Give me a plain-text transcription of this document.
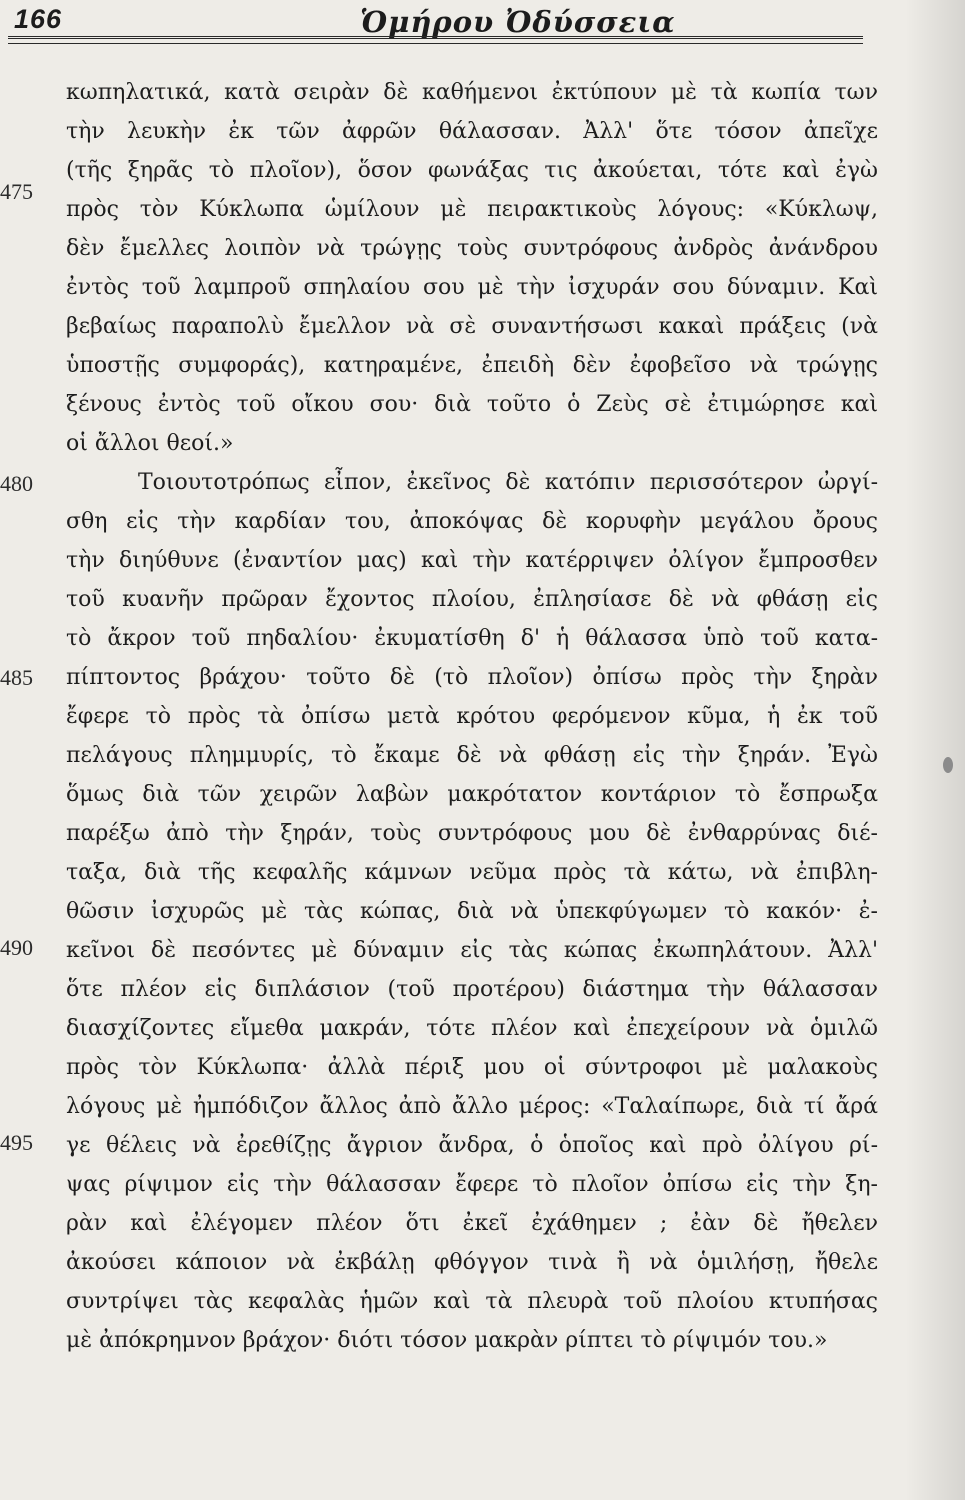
166	Ὁμήρου Ὀδύσσεια
475
480
485
490
495
κωπηλατικά, κατὰ σειρὰν δὲ καθήμενοι ἐκτύπουν μὲ τὰ κωπία των
τὴν λευκὴν ἐκ τῶν ἀφρῶν θάλασσαν. Ἀλλ' ὅτε τόσον ἀπεῖχε
(τῆς ξηρᾶς τὸ πλοῖον), ὅσον φωνάξας τις ἀκούεται, τότε καὶ ἐγὼ
πρὸς τὸν Κύκλωπα ὡμίλουν μὲ πειρακτικοὺς λόγους: «Κύκλωψ,
δὲν ἔμελλες λοιπὸν νὰ τρώγῃς τοὺς συντρόφους ἀνδρὸς ἀνάνδρου
ἐντὸς τοῦ λαμπροῦ σπηλαίου σου μὲ τὴν ἰσχυράν σου δύναμιν. Καὶ
βεβαίως παραπολὺ ἔμελλον νὰ σὲ συναντήσωσι κακαὶ πράξεις (νὰ
ὑποστῇς συμφοράς), κατηραμένε, ἐπειδὴ δὲν ἐφοβεῖσο νὰ τρώγῃς
ξένους ἐντὸς τοῦ οἴκου σου· διὰ τοῦτο ὁ Ζεὺς σὲ ἐτιμώρησε καὶ
οἱ ἄλλοι θεοί.»
Τοιουτοτρόπως εἶπον, ἐκεῖνος δὲ κατόπιν περισσότερον ὠργί-
σθη εἰς τὴν καρδίαν του, ἀποκόψας δὲ κορυφὴν μεγάλου ὄρους
τὴν διηύθυνε (ἐναντίον μας) καὶ τὴν κατέρριψεν ὀλίγον ἔμπροσθεν
τοῦ κυανῆν πρῶραν ἔχοντος πλοίου, ἐπλησίασε δὲ νὰ φθάσῃ εἰς
τὸ ἄκρον τοῦ πηδαλίου· ἐκυματίσθη δ' ἡ θάλασσα ὑπὸ τοῦ κατα-
πίπτοντος βράχου· τοῦτο δὲ (τὸ πλοῖον) ὀπίσω πρὸς τὴν ξηρὰν
ἔφερε τὸ πρὸς τὰ ὀπίσω μετὰ κρότου φερόμενον κῦμα, ἡ ἐκ τοῦ
πελάγους πλημμυρίς, τὸ ἔκαμε δὲ νὰ φθάσῃ εἰς τὴν ξηράν. Ἐγὼ
ὅμως διὰ τῶν χειρῶν λαβὼν μακρότατον κοντάριον τὸ ἔσπρωξα
παρέξω ἀπὸ τὴν ξηράν, τοὺς συντρόφους μου δὲ ἐνθαρρύνας διέ-
ταξα, διὰ τῆς κεφαλῆς κάμνων νεῦμα πρὸς τὰ κάτω, νὰ ἐπιβλη-
θῶσιν ἰσχυρῶς μὲ τὰς κώπας, διὰ νὰ ὑπεκφύγωμεν τὸ κακόν· ἐ-
κεῖνοι δὲ πεσόντες μὲ δύναμιν εἰς τὰς κώπας ἐκωπηλάτουν. Ἀλλ'
ὅτε πλέον εἰς διπλάσιον (τοῦ προτέρου) διάστημα τὴν θάλασσαν
διασχίζοντες εἴμεθα μακράν, τότε πλέον καὶ ἐπεχείρουν νὰ ὁμιλῶ
πρὸς τὸν Κύκλωπα· ἀλλὰ πέριξ μου οἱ σύντροφοι μὲ μαλακοὺς
λόγους μὲ ἠμπόδιζον ἄλλος ἀπὸ ἄλλο μέρος: «Ταλαίπωρε, διὰ τί ἄρά
γε θέλεις νὰ ἐρεθίζῃς ἄγριον ἄνδρα, ὁ ὁποῖος καὶ πρὸ ὀλίγου ρί-
ψας ρίψιμον εἰς τὴν θάλασσαν ἔφερε τὸ πλοῖον ὀπίσω εἰς τὴν ξη-
ρὰν καὶ ἐλέγομεν πλέον ὅτι ἐκεῖ ἐχάθημεν ; ἐὰν δὲ ἤθελεν
ἀκούσει κάποιον νὰ ἐκβάλῃ φθόγγον τινὰ ἢ νὰ ὁμιλήσῃ, ἤθελε
συντρίψει τὰς κεφαλὰς ἡμῶν καὶ τὰ πλευρὰ τοῦ πλοίου κτυπήσας
μὲ ἀπόκρημνον βράχον· διότι τόσον μακρὰν ρίπτει τὸ ρίψιμόν του.»
